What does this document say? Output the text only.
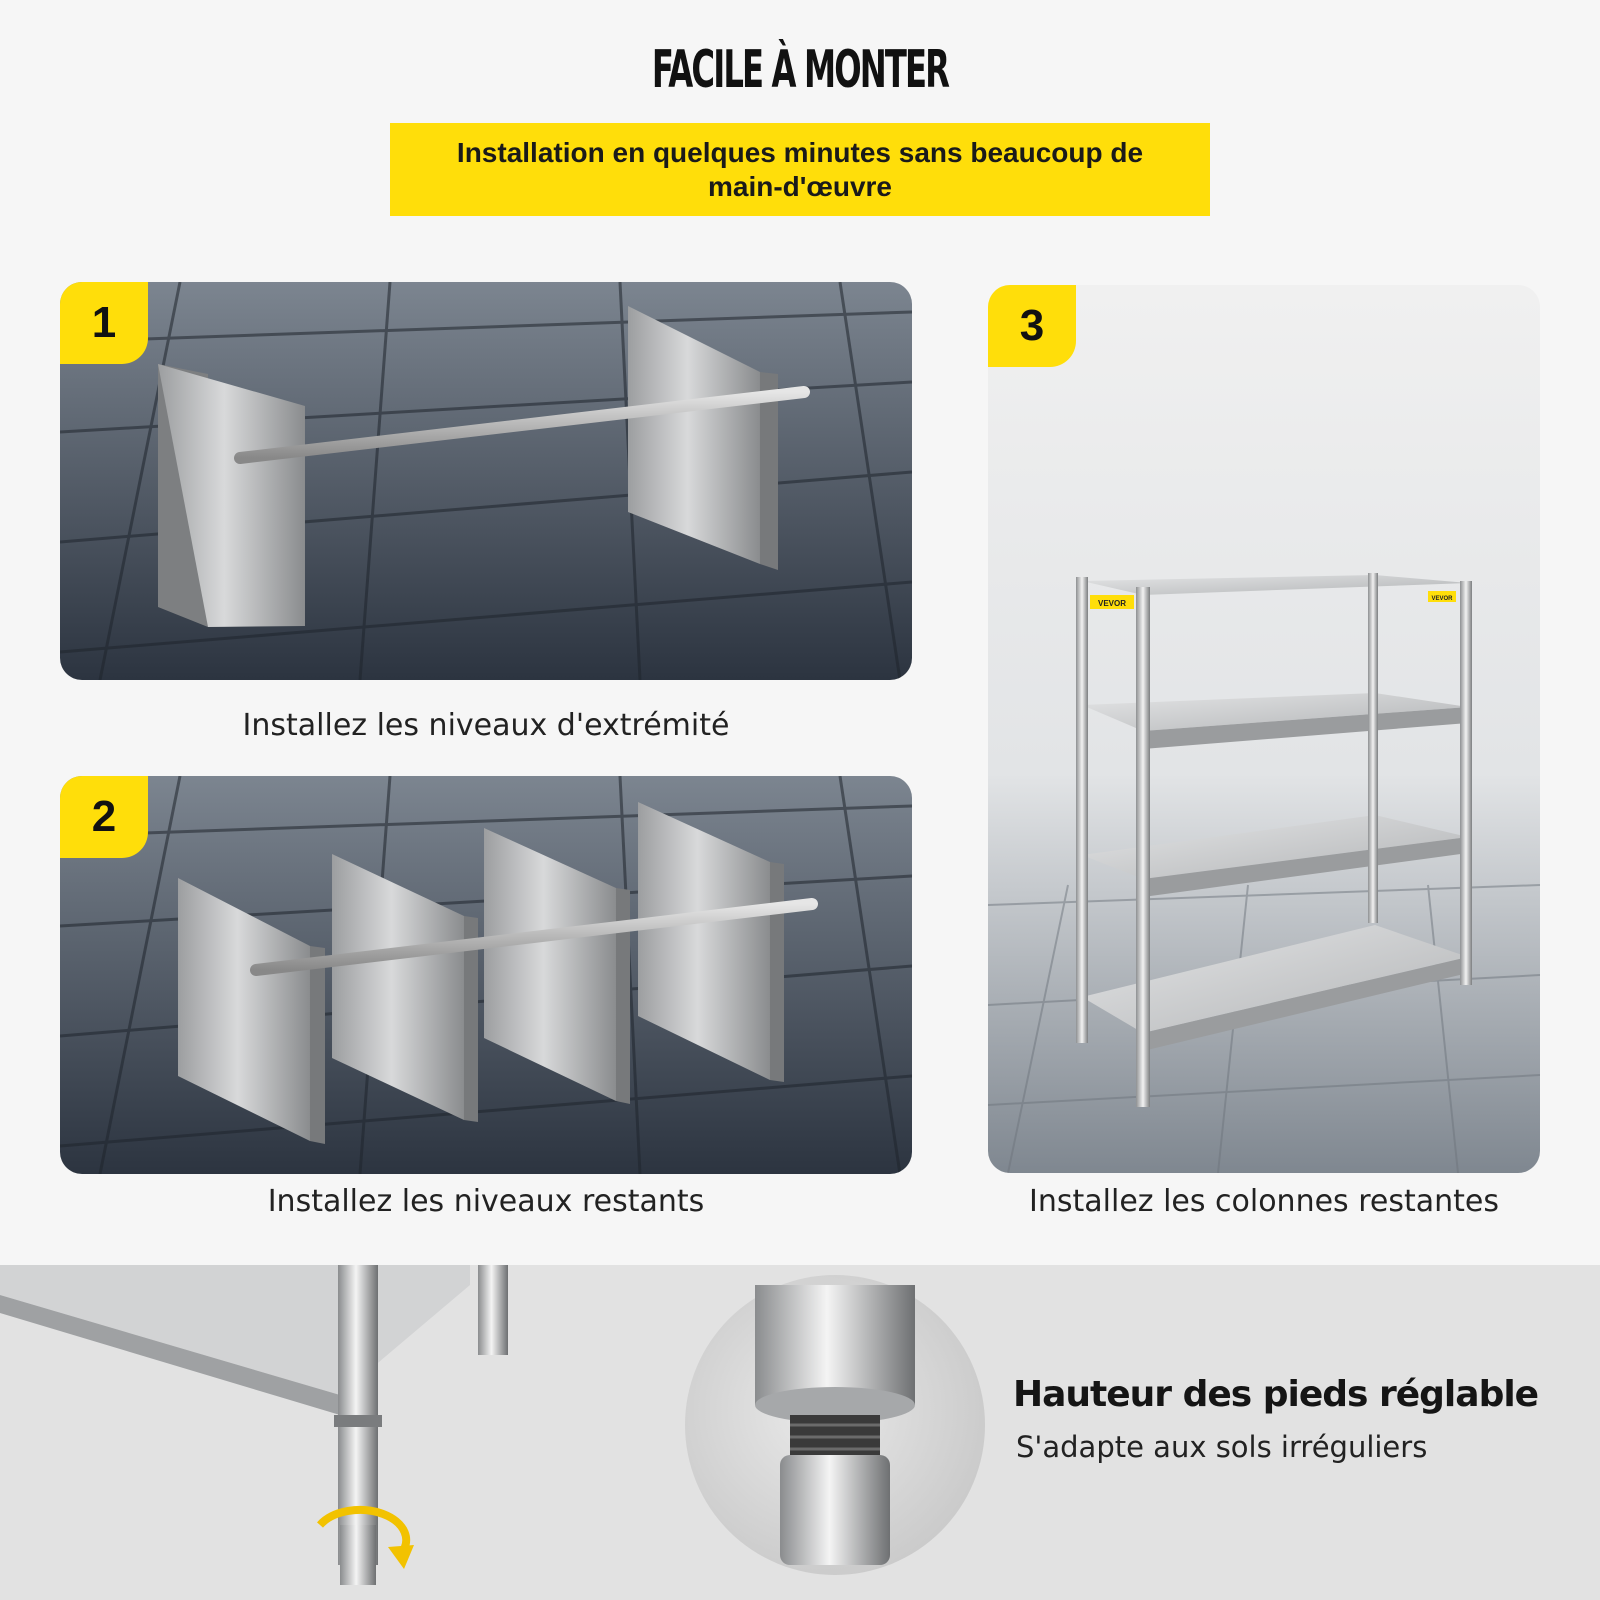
FACILE À MONTER
Installation en quelques minutes sans beaucoup de main-d'œuvre
1
Installez les niveaux d'extrémité
2
Installez les niveaux restants
VEVOR	VEVOR
3
Installez les colonnes restantes
Hauteur des pieds réglable
S'adapte aux sols irréguliers
